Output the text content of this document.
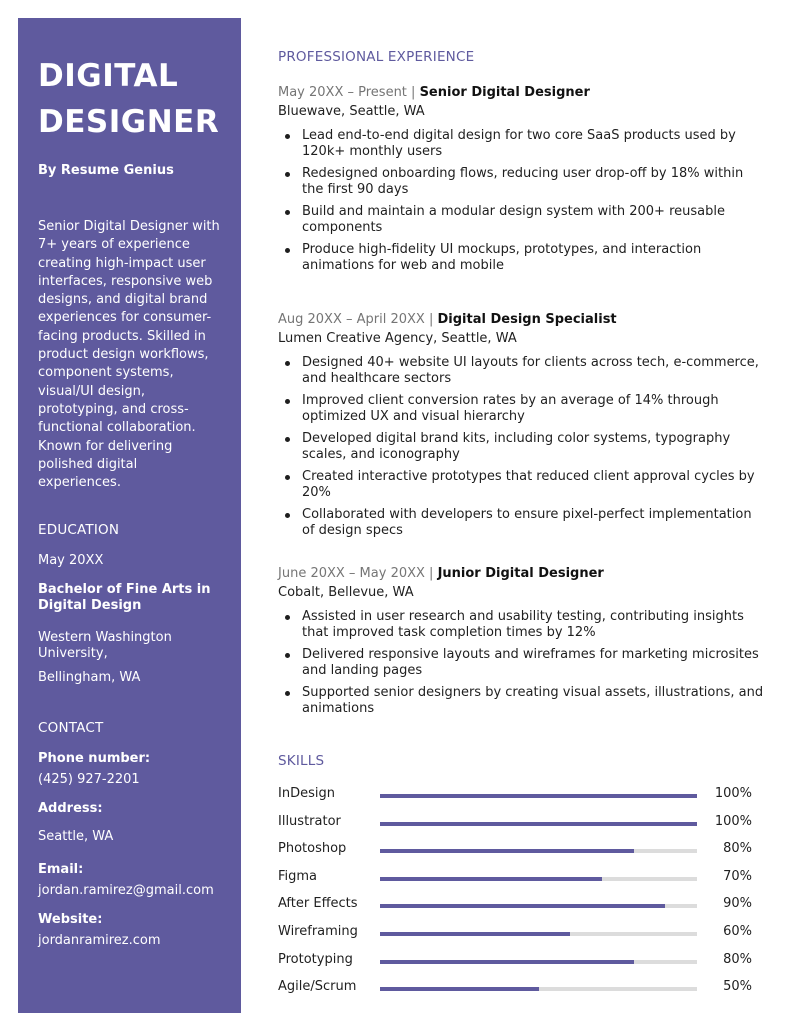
DIGITAL
DESIGNER
By Resume Genius
Senior Digital Designer with 7+ years of experience creating high-impact user interfaces, responsive web designs, and digital brand experiences for consumer-facing products. Skilled in product design workflows, component systems, visual/UI design, prototyping, and cross-functional collaboration. Known for delivering polished digital experiences.
EDUCATION
May 20XX
Bachelor of Fine Arts in Digital Design
Western Washington University,
Bellingham, WA
CONTACT
Phone number:
(425) 927-2201
Address:
Seattle, WA
Email:
jordan.ramirez@gmail.com
Website:
jordanramirez.com
PROFESSIONAL EXPERIENCE
May 20XX – Present | Senior Digital Designer
Bluewave, Seattle, WA
Lead end-to-end digital design for two core SaaS products used by 120k+ monthly users
Redesigned onboarding flows, reducing user drop-off by 18% within the first 90 days
Build and maintain a modular design system with 200+ reusable components
Produce high-fidelity UI mockups, prototypes, and interaction animations for web and mobile
Aug 20XX – April 20XX | Digital Design Specialist
Lumen Creative Agency, Seattle, WA
Designed 40+ website UI layouts for clients across tech, e-commerce, and healthcare sectors
Improved client conversion rates by an average of 14% through optimized UX and visual hierarchy
Developed digital brand kits, including color systems, typography scales, and iconography
Created interactive prototypes that reduced client approval cycles by 20%
Collaborated with developers to ensure pixel-perfect implementation of design specs
June 20XX – May 20XX | Junior Digital Designer
Cobalt, Bellevue, WA
Assisted in user research and usability testing, contributing insights that improved task completion times by 12%
Delivered responsive layouts and wireframes for marketing microsites and landing pages
Supported senior designers by creating visual assets, illustrations, and animations
SKILLS
InDesign	100%
Illustrator	100%
Photoshop	80%
Figma	70%
After Effects	90%
Wireframing	60%
Prototyping	80%
Agile/Scrum	50%
